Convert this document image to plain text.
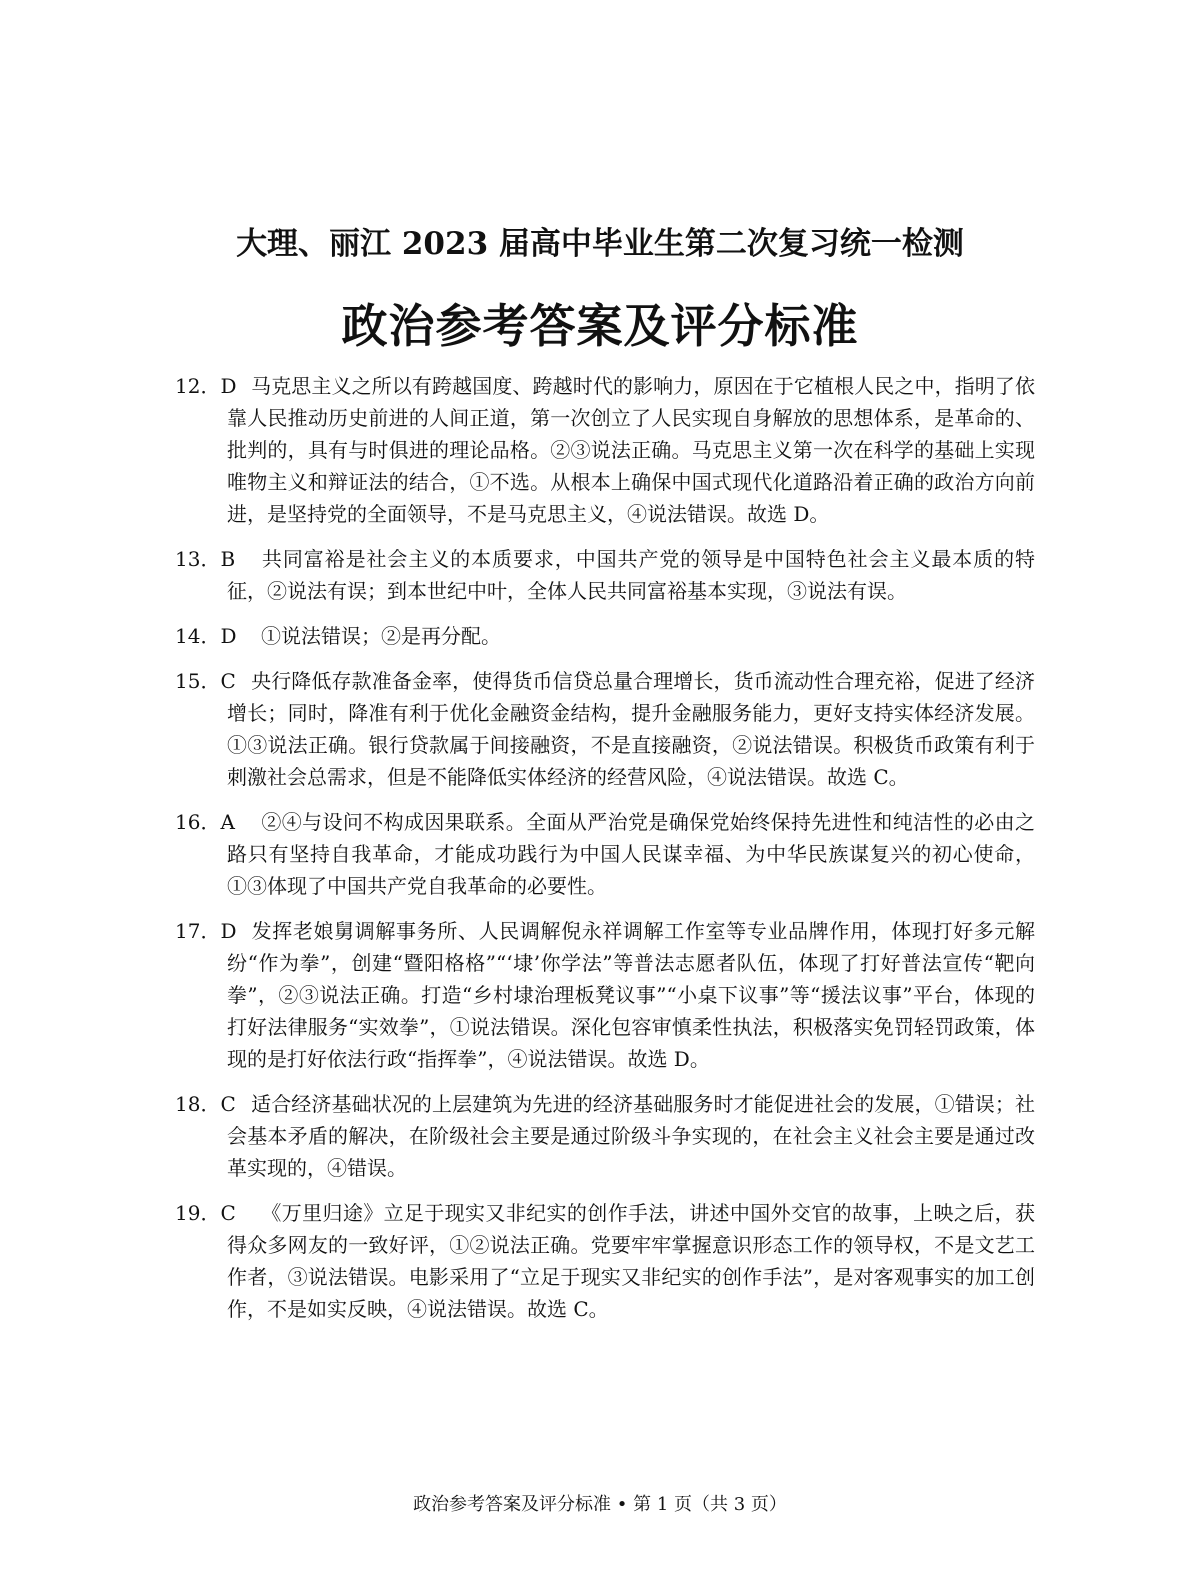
大理、丽江 2023 届高中毕业生第二次复习统一检测
政治参考答案及评分标准
12．D 马克思主义之所以有跨越国度、跨越时代的影响力，原因在于它植根人民之中，指明了依靠人民推动历史前进的人间正道，第一次创立了人民实现自身解放的思想体系，是革命的、批判的，具有与时俱进的理论品格。②③说法正确。马克思主义第一次在科学的基础上实现唯物主义和辩证法的结合，①不选。从根本上确保中国式现代化道路沿着正确的政治方向前进，是坚持党的全面领导，不是马克思主义，④说法错误。故选 D。
13．B 共同富裕是社会主义的本质要求，中国共产党的领导是中国特色社会主义最本质的特征，②说法有误；到本世纪中叶，全体人民共同富裕基本实现，③说法有误。
14．D ①说法错误；②是再分配。
15．C 央行降低存款准备金率，使得货币信贷总量合理增长，货币流动性合理充裕，促进了经济增长；同时，降准有利于优化金融资金结构，提升金融服务能力，更好支持实体经济发展。①③说法正确。银行贷款属于间接融资，不是直接融资，②说法错误。积极货币政策有利于刺激社会总需求，但是不能降低实体经济的经营风险，④说法错误。故选 C。
16．A ②④与设问不构成因果联系。全面从严治党是确保党始终保持先进性和纯洁性的必由之路只有坚持自我革命，才能成功践行为中国人民谋幸福、为中华民族谋复兴的初心使命，①③体现了中国共产党自我革命的必要性。
17．D 发挥老娘舅调解事务所、人民调解倪永祥调解工作室等专业品牌作用，体现打好多元解纷“作为拳”，创建“暨阳格格”“‘埭’你学法”等普法志愿者队伍，体现了打好普法宣传“靶向拳”，②③说法正确。打造“乡村埭治理板凳议事”“小桌下议事”等“援法议事”平台，体现的打好法律服务“实效拳”，①说法错误。深化包容审慎柔性执法，积极落实免罚轻罚政策，体现的是打好依法行政“指挥拳”，④说法错误。故选 D。
18．C 适合经济基础状况的上层建筑为先进的经济基础服务时才能促进社会的发展，①错误；社会基本矛盾的解决，在阶级社会主要是通过阶级斗争实现的，在社会主义社会主要是通过改革实现的，④错误。
19．C 《万里归途》立足于现实又非纪实的创作手法，讲述中国外交官的故事，上映之后，获得众多网友的一致好评，①②说法正确。党要牢牢掌握意识形态工作的领导权，不是文艺工作者，③说法错误。电影采用了“立足于现实又非纪实的创作手法”，是对客观事实的加工创作，不是如实反映，④说法错误。故选 C。
政治参考答案及评分标准 • 第 1 页（共 3 页）
